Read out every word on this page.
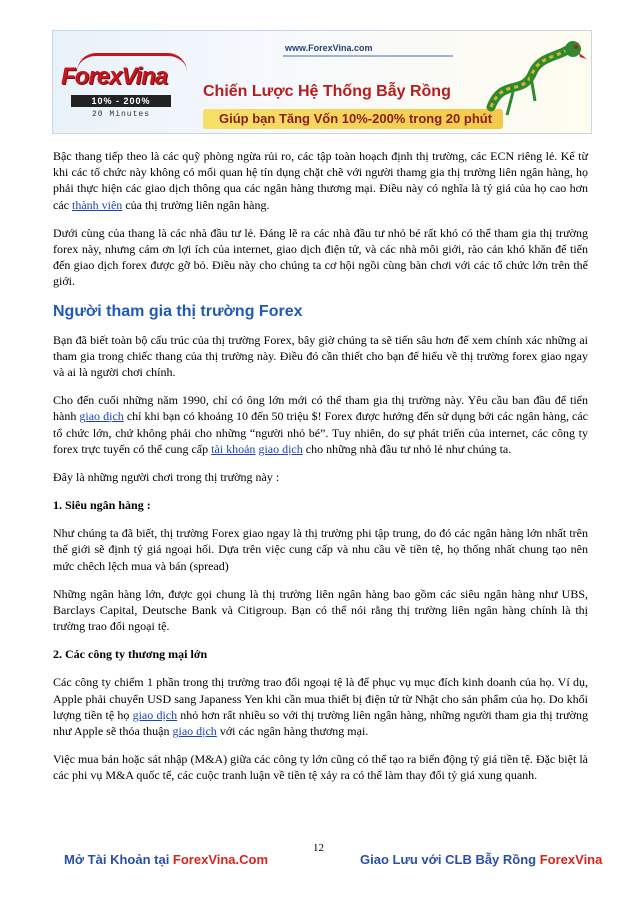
www.ForexVina.com
ForexVina
10% - 200%
20 Minutes
Chiến Lược Hệ Thống Bẫy Rồng
Giúp bạn Tăng Vốn 10%-200% trong 20 phút

Bậc thang tiếp theo là các quỹ phòng ngừa rủi ro, các tập toàn hoạch định thị trường, các ECN riêng lẻ. Kể từ khi các tổ chức này không có mối quan hệ tín dụng chặt chẽ với người thamg gia thị trường liên ngân hàng, họ phải thực hiện các giao dịch thông qua các ngân hàng thương mại. Điều này có nghĩa là tỷ giá của họ cao hơn các thành viên của thị trường liên ngân hàng.

Dưới cùng của thang là các nhà đầu tư lẻ. Đáng lẽ ra các nhà đầu tư nhỏ bé rất khó có thể tham gia thị trường forex này, nhưng cám ơn lợi ích của internet, giao dịch điện tử, và các nhà môi giới, rào cản khó khăn để tiến đến giao dịch forex được gỡ bỏ. Điều này cho chúng ta cơ hội ngồi cùng bàn chơi với các tổ chức lớn trên thế giới.

Người tham gia thị trường Forex

Bạn đã biết toàn bộ cấu trúc của thị trường Forex, bây giờ chúng ta sẽ tiến sâu hơn để xem chính xác những ai tham gia trong chiếc thang của thị trường này. Điều đó cần thiết cho bạn để hiểu về thị trường forex giao ngay và ai là người chơi chính.

Cho đến cuối những năm 1990, chỉ có ông lớn mới có thể tham gia thị trường này. Yêu cầu ban đầu để tiến hành giao dịch chỉ khi bạn có khoảng 10 đến 50 triệu $! Forex được hướng đến sử dụng bởi các ngân hàng, các tổ chức lớn, chứ không phải cho những “người nhỏ bé”. Tuy nhiên, do sự phát triển của internet, các công ty forex trực tuyến có thể cung cấp tài khoản giao dịch cho những nhà đầu tư nhỏ lẻ như chúng ta.

Đây là những người chơi trong thị trường này :

1. Siêu ngân hàng :

Như chúng ta đã biết, thị trường Forex giao ngay là thị trường phi tập trung, do đó các ngân hàng lớn nhất trên thế giới sẽ định tỷ giá ngoại hối. Dựa trên việc cung cấp và nhu cầu về tiền tệ, họ thống nhất chung tạo nên mức chêch lệch mua và bán (spread)

Những ngân hàng lớn, được gọi chung là thị trường liên ngân hàng bao gồm các siêu ngân hàng như UBS, Barclays Capital, Deutsche Bank và Citigroup. Bạn có thể nói rằng thị trường liên ngân hàng chính là thị trường trao đổi ngoại tệ.

2. Các công ty thương mại lớn

Các công ty chiếm 1 phần trong thị trường trao đổi ngoại tệ là để phục vụ mục đích kinh doanh của họ. Ví dụ, Apple phải chuyển USD sang Japaness Yen khi cần mua thiết bị điện tử từ Nhật cho sản phẩm của họ. Do khối lượng tiền tệ họ giao dịch nhỏ hơn rất nhiều so với thị trường liên ngân hàng, những người tham gia thị trường như Apple sẽ thỏa thuận giao dịch với các ngân hàng thương mại.

Việc mua bán hoặc sát nhập (M&A) giữa các công ty lớn cũng có thể tạo ra biến động tỷ giá tiền tệ. Đặc biệt là các phi vụ M&A quốc tế, các cuộc tranh luận về tiền tệ xảy ra có thể làm thay đổi tỷ giá xung quanh.

12
Mở Tài Khoản tại ForexVina.Com	Giao Lưu với CLB Bẫy Rồng ForexVina
